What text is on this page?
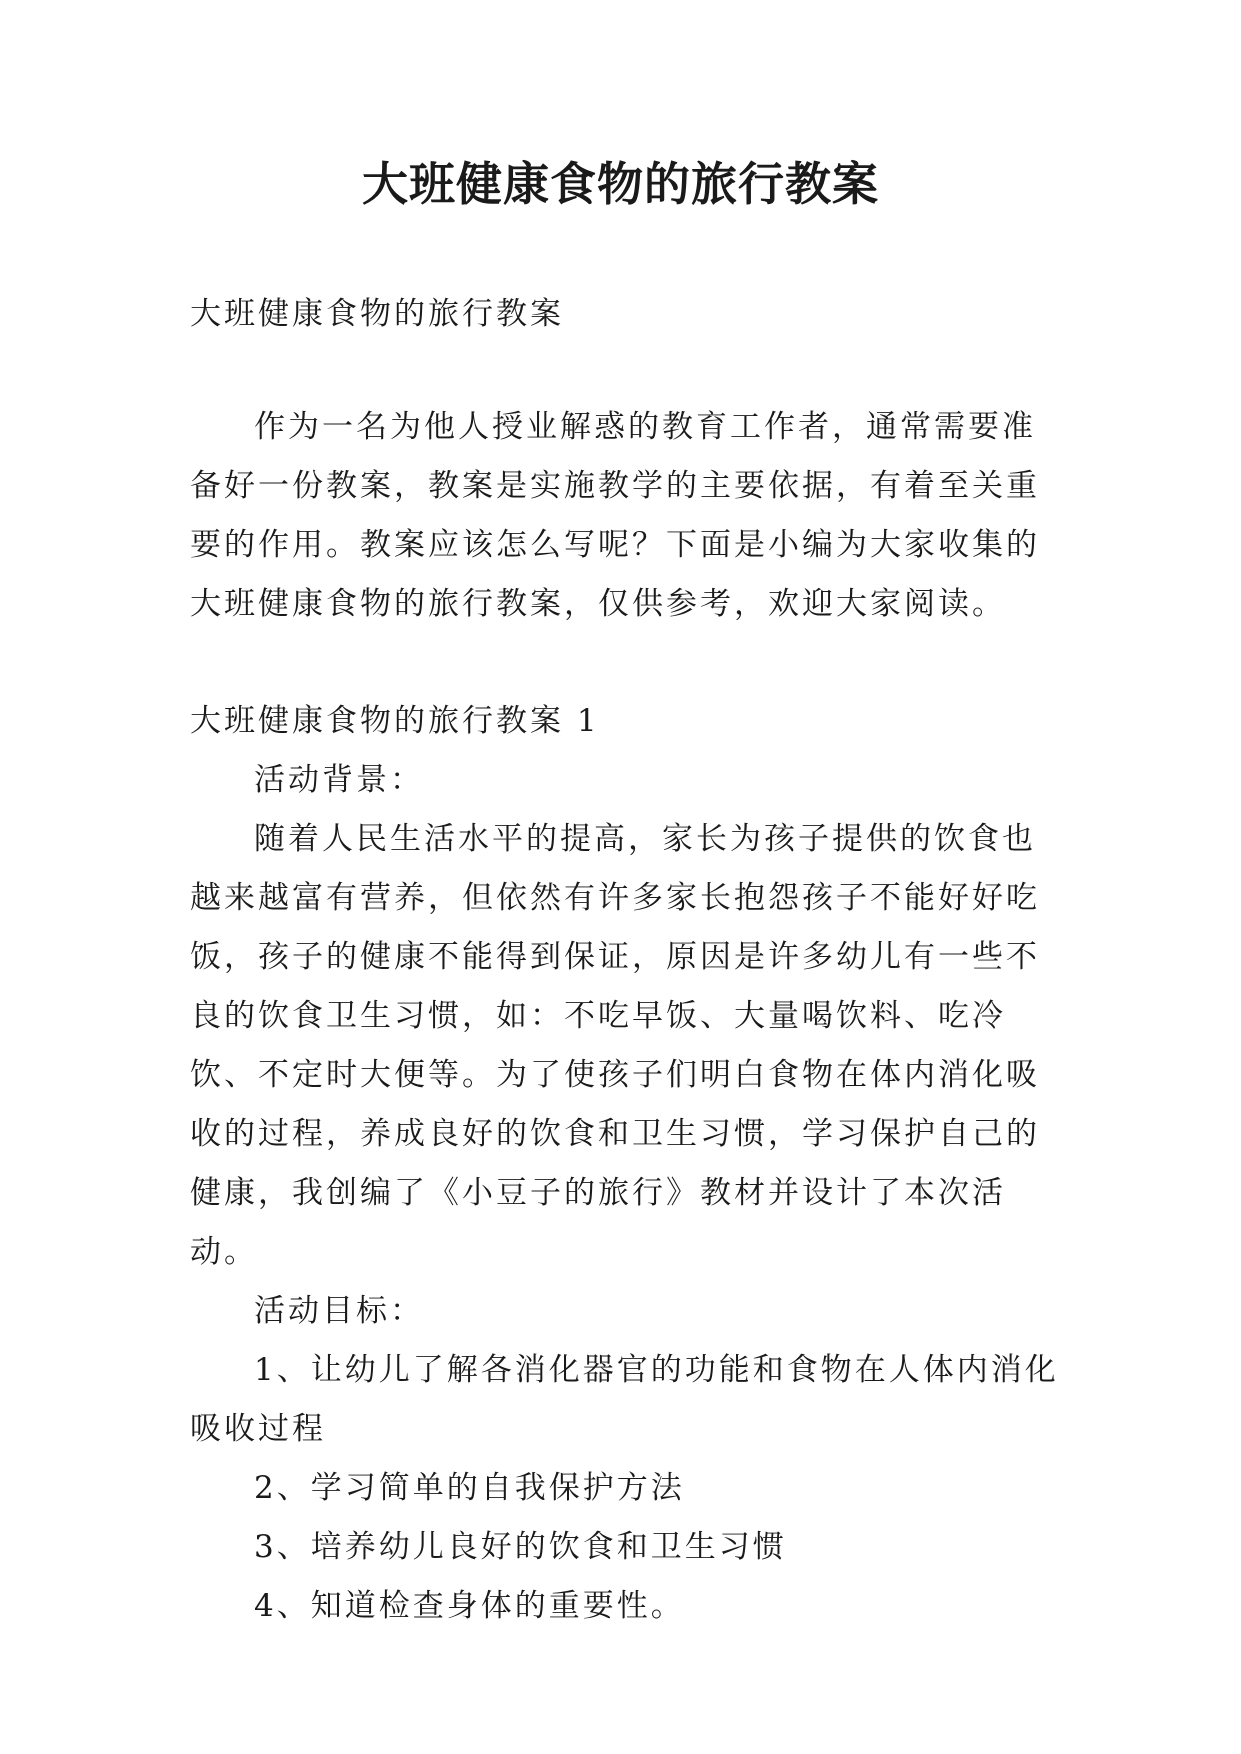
大班健康食物的旅行教案
大班健康食物的旅行教案
作为一名为他人授业解惑的教育工作者，通常需要准备好一份教案，教案是实施教学的主要依据，有着至关重要的作用。教案应该怎么写呢？下面是小编为大家收集的大班健康食物的旅行教案，仅供参考，欢迎大家阅读。

大班健康食物的旅行教案 1

活动背景：

随着人民生活水平的提高，家长为孩子提供的饮食也越来越富有营养，但依然有许多家长抱怨孩子不能好好吃饭，孩子的健康不能得到保证，原因是许多幼儿有一些不良的饮食卫生习惯，如：不吃早饭、大量喝饮料、吃冷饮、不定时大便等。为了使孩子们明白食物在体内消化吸收的过程，养成良好的饮食和卫生习惯，学习保护自己的健康，我创编了《小豆子的旅行》教材并设计了本次活动。

活动目标：

1、让幼儿了解各消化器官的功能和食物在人体内消化吸收过程

2、学习简单的自我保护方法

3、培养幼儿良好的饮食和卫生习惯

4、知道检查身体的重要性。
